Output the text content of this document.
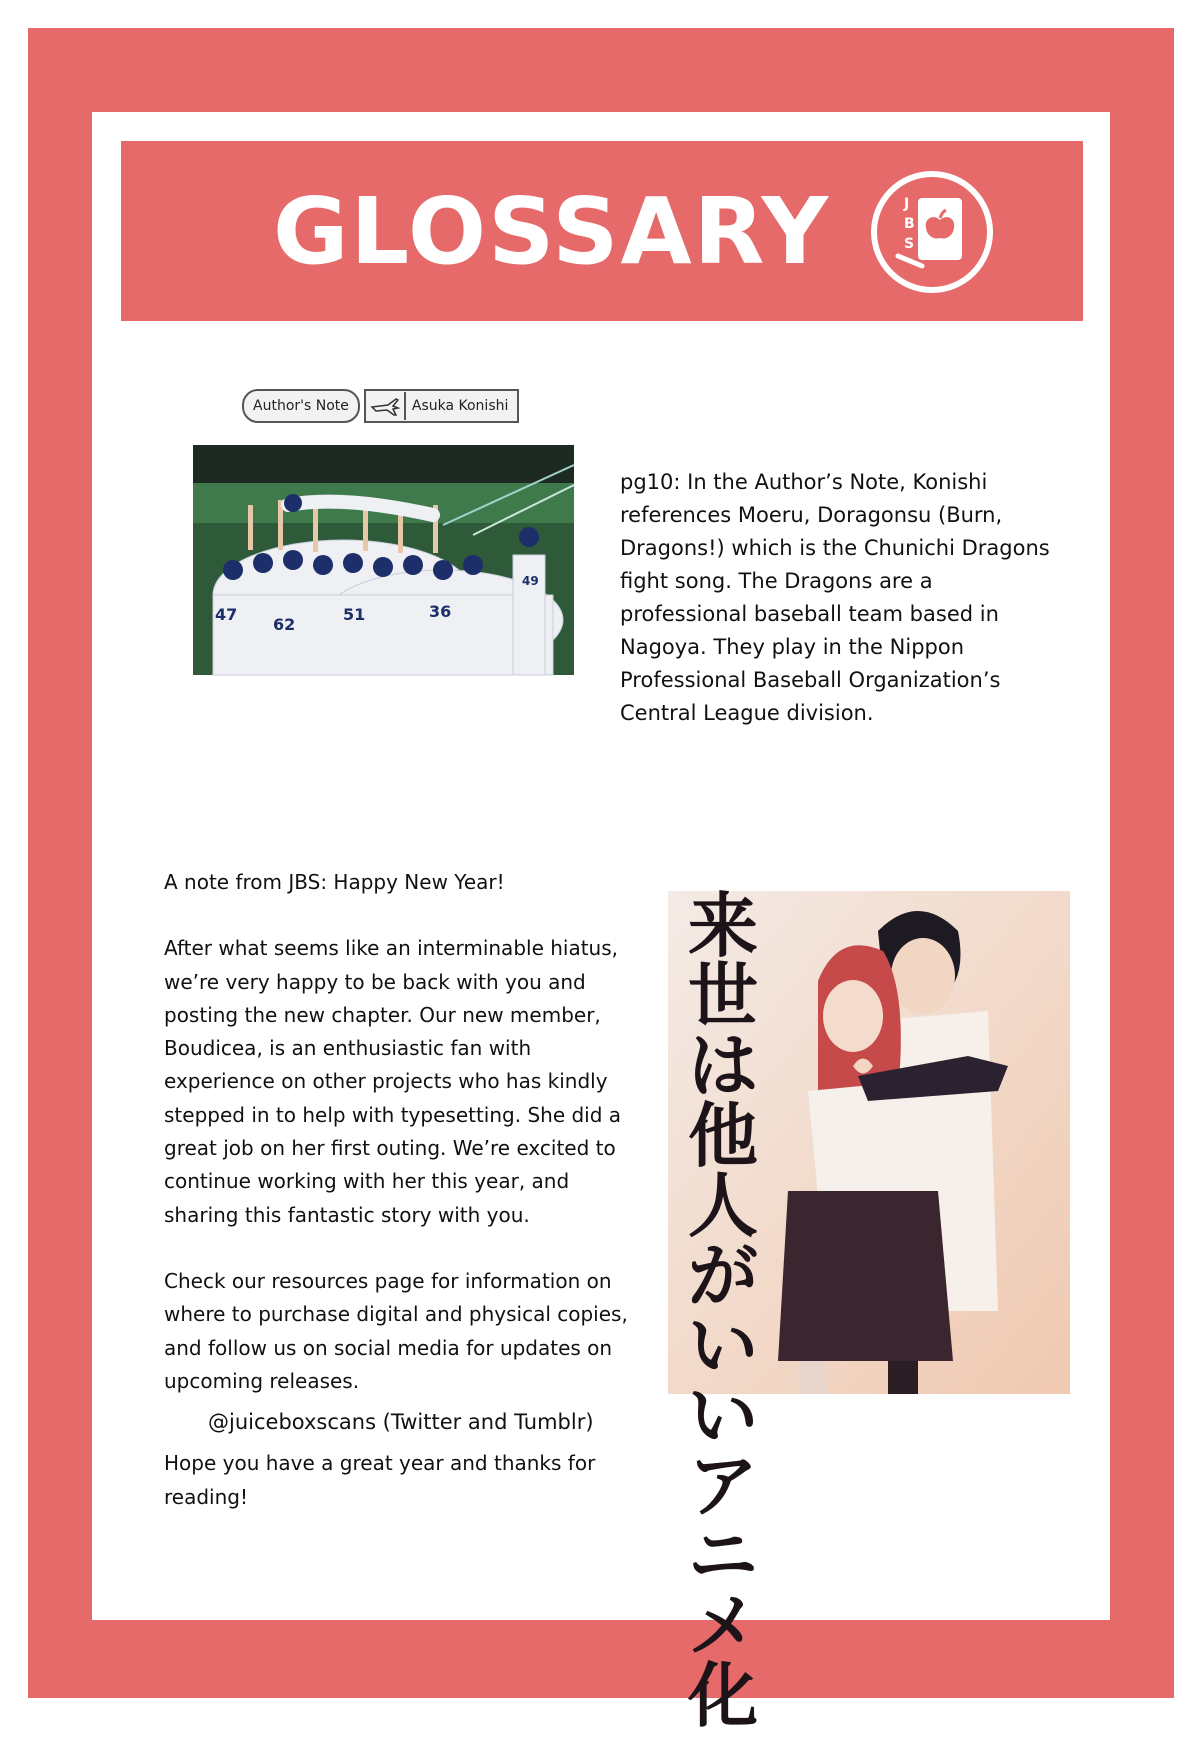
GLOSSARY	J
B
S
Author's Note	Asuka Konishi
47
62
51	36
49
pg10: In the Author’s Note, Konishi references Moeru, Doragonsu (Burn, Dragons!) which is the Chunichi Dragons fight song. The Dragons are a professional baseball team based in Nagoya. They play in the Nippon Professional Baseball Organization’s Central League division.

A note from JBS: Happy New Year!

After what seems like an interminable hiatus, we’re very happy to be back with you and posting the new chapter. Our new member, Boudicea, is an enthusiastic fan with experience on other projects who has kindly stepped in to help with typesetting. She did a great job on her first outing. We’re excited to continue working with her this year, and sharing this fantastic story with you.

Check our resources page for information on where to purchase digital and physical copies, and follow us on social media for updates on upcoming releases.

@juiceboxscans (Twitter and Tumblr)

Hope you have a great year and thanks for reading!

来世は他人がいいアニメ化
